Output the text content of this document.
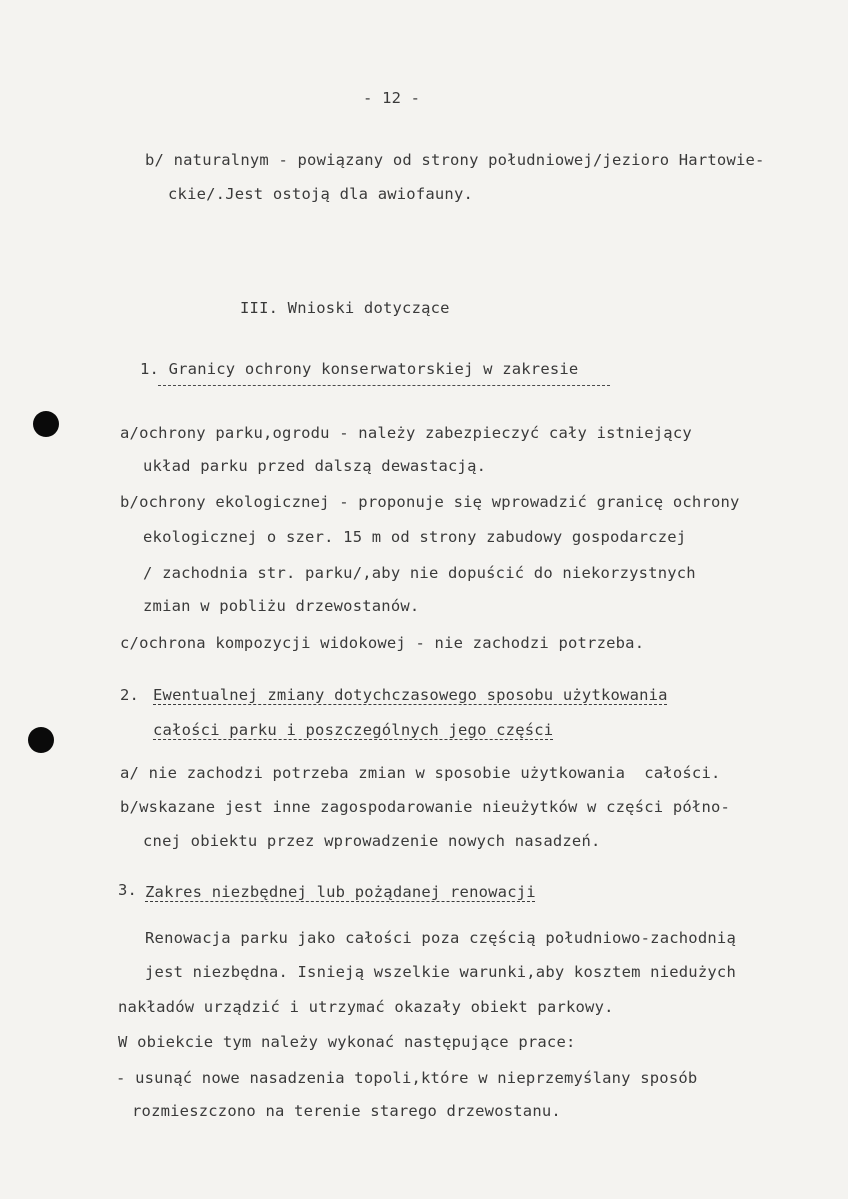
- 12 -
b/ naturalnym - powiązany od strony południowej/jezioro Hartowie-
ckie/.Jest ostoją dla awiofauny.
III. Wnioski dotyczące
1. Granicy ochrony konserwatorskiej w zakresie
a/ochrony parku,ogrodu - należy zabezpieczyć cały istniejący
układ parku przed dalszą dewastacją.
b/ochrony ekologicznej - proponuje się wprowadzić granicę ochrony
ekologicznej o szer. 15 m od strony zabudowy gospodarczej
/ zachodnia str. parku/,aby nie dopuścić do niekorzystnych
zmian w pobliżu drzewostanów.
c/ochrona kompozycji widokowej - nie zachodzi potrzeba.
2. Ewentualnej zmiany dotychczasowego sposobu użytkowania
całości parku i poszczególnych jego części
a/ nie zachodzi potrzeba zmian w sposobie użytkowania  całości.
b/wskazane jest inne zagospodarowanie nieużytków w części półno-
cnej obiektu przez wprowadzenie nowych nasadzeń.
3.
Zakres niezbędnej lub pożądanej renowacji
Renowacja parku jako całości poza częścią południowo-zachodnią
jest niezbędna. Isnieją wszelkie warunki,aby kosztem niedużych
nakładów urządzić i utrzymać okazały obiekt parkowy.
W obiekcie tym należy wykonać następujące prace:
- usunąć nowe nasadzenia topoli,które w nieprzemyślany sposób
rozmieszczono na terenie starego drzewostanu.
